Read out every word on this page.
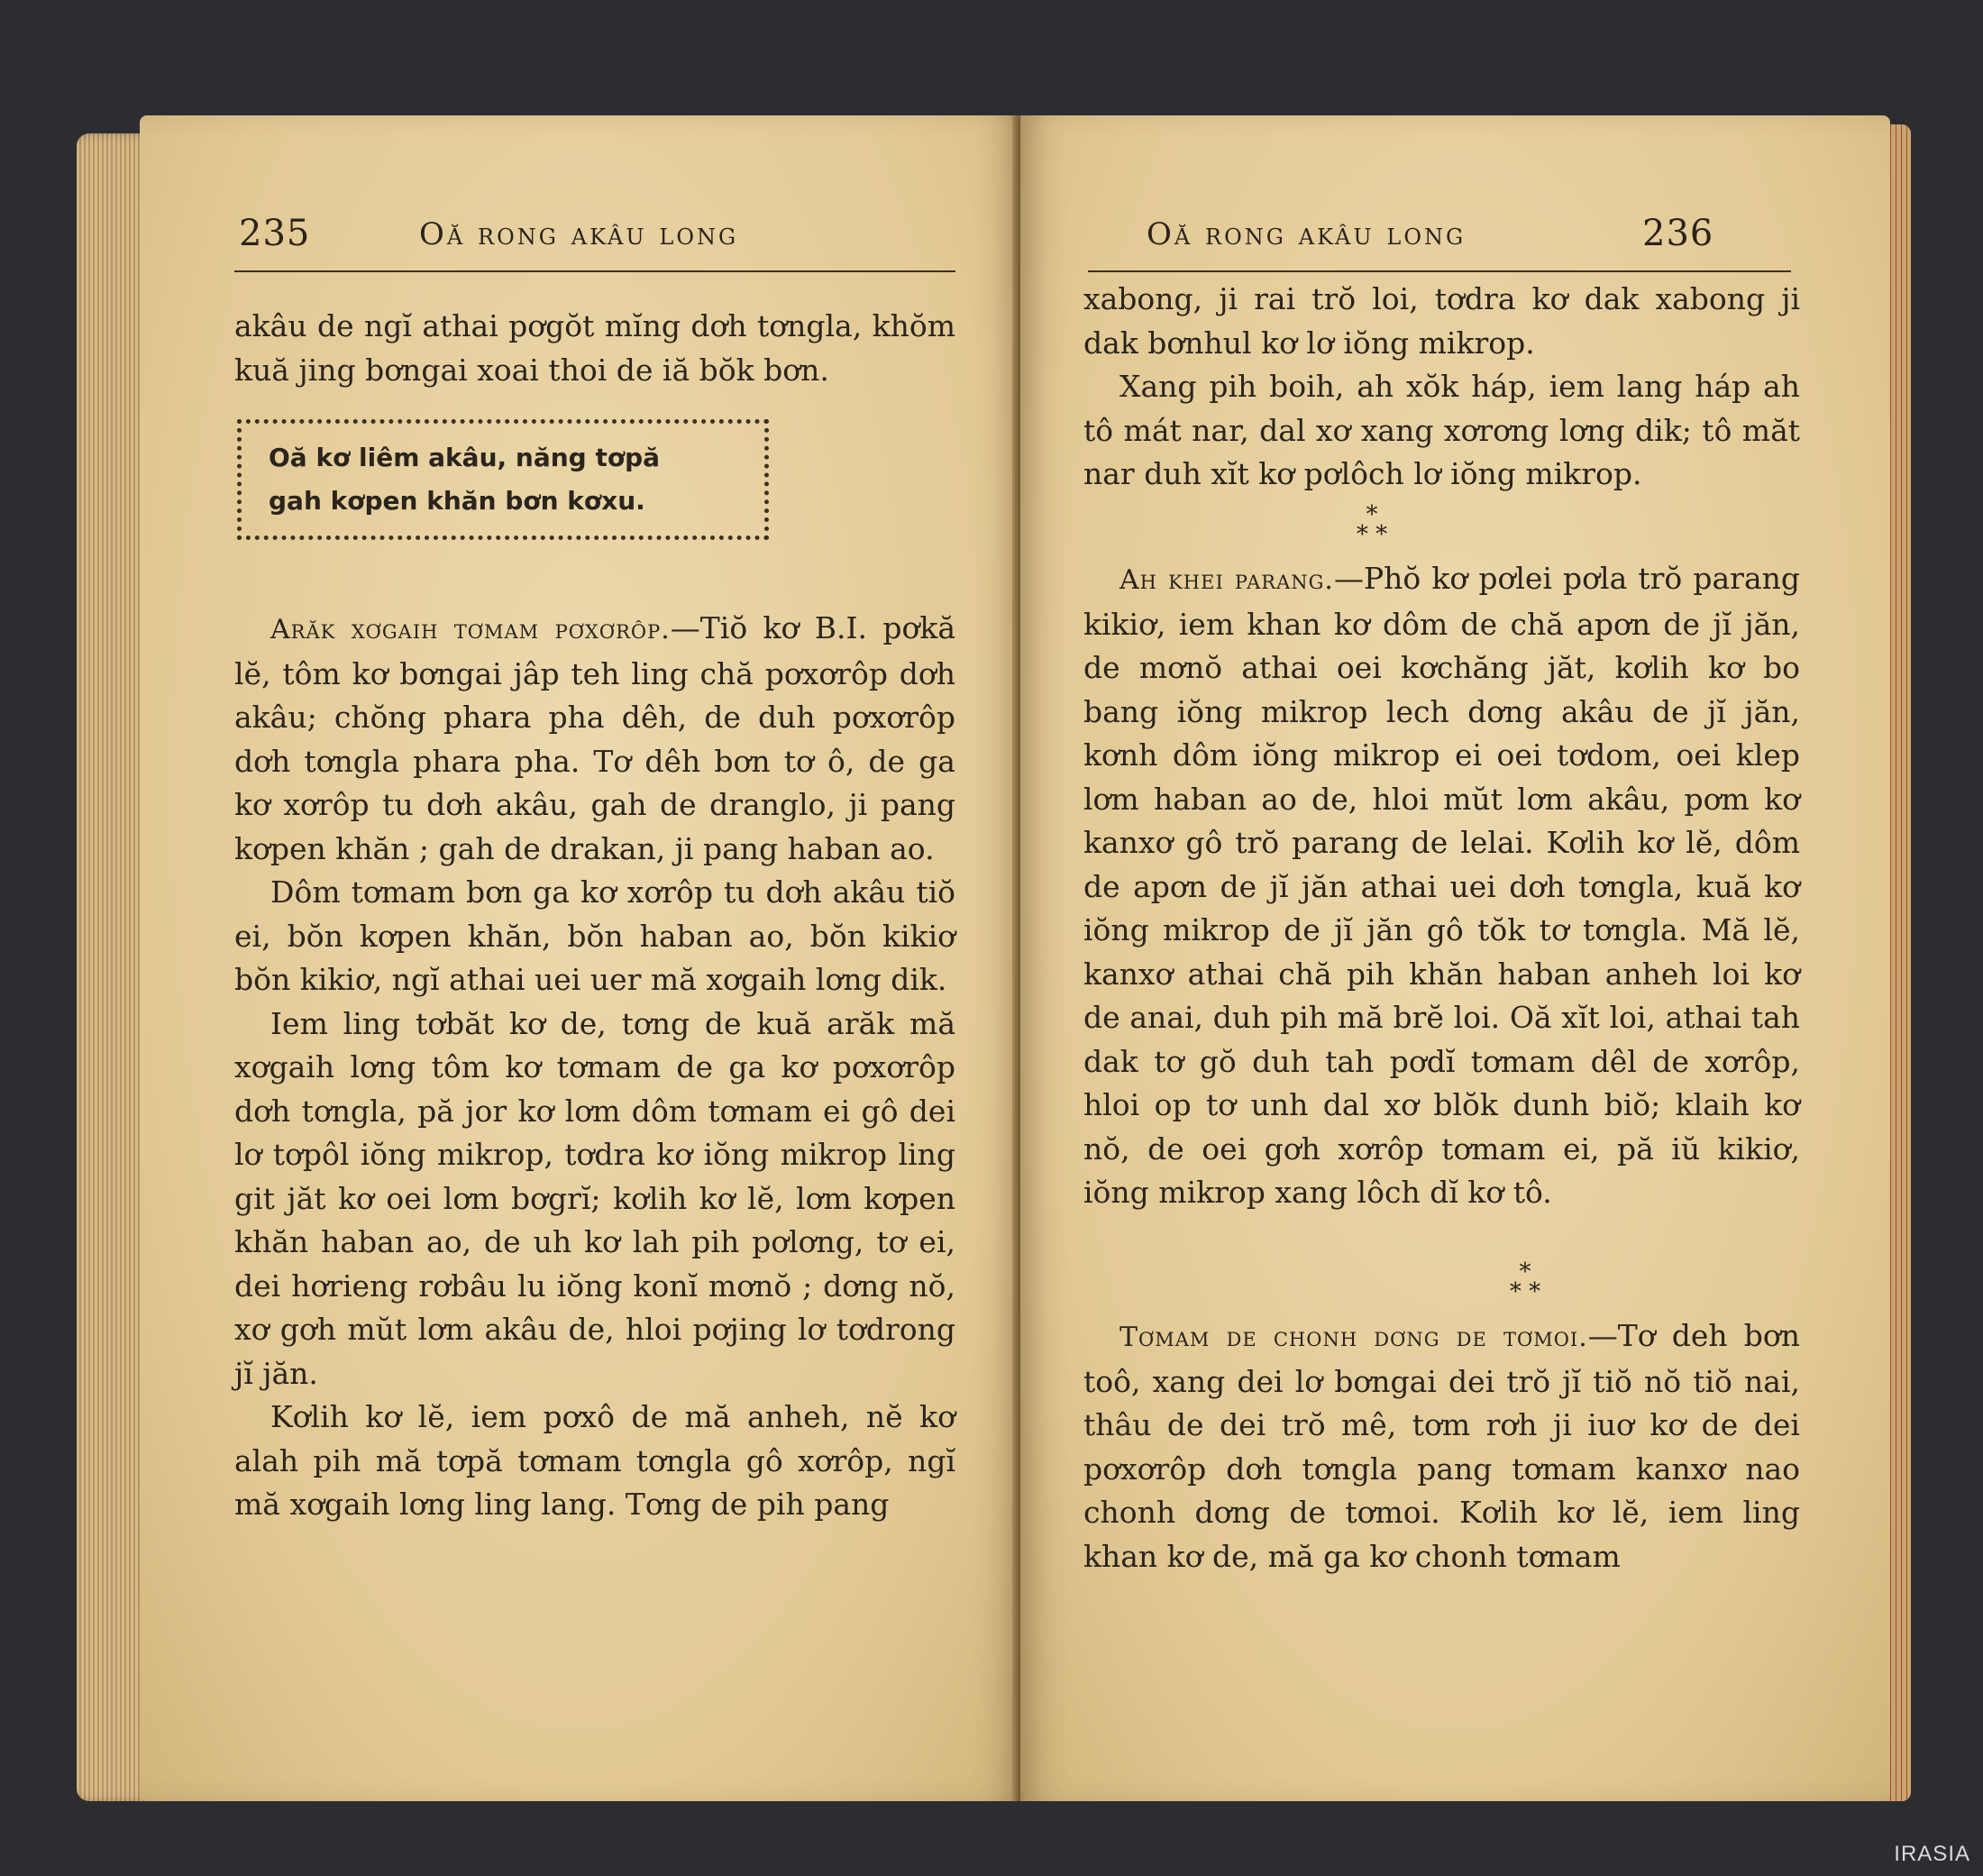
235	Oă rong akâu long

akâu de ngĭ athai pơgŏt mĭng dơh tơngla, khŏm kuă jing bơngai xoai thoi de iă bŏk bơn.

Oă kơ liêm akâu, năng tơpă
gah kơpen khăn bơn kơxu.

Arăk xơgaih tơmam pơxơrôp.—Tiŏ kơ B.I. pơkă lĕ, tôm kơ bơngai jâp teh ling chă pơxơrôp dơh akâu; chŏng phara pha dêh, de duh pơxơrôp dơh tơngla phara pha. Tơ dêh bơn tơ ô, de ga kơ xơrôp tu dơh akâu, gah de dranglo, ji pang kơpen khăn ; gah de drakan, ji pang haban ao.

Dôm tơmam bơn ga kơ xơrôp tu dơh akâu tiŏ ei, bŏn kơpen khăn, bŏn haban ao, bŏn kikiơ bŏn kikiơ, ngĭ athai uei uer mă xơgaih lơng dik.

Iem ling tơbăt kơ de, tơng de kuă arăk mă xơgaih lơng tôm kơ tơmam de ga kơ pơxơrôp dơh tơngla, pă jor kơ lơm dôm tơmam ei gô dei lơ tơpôl iŏng mikrop, tơdra kơ iŏng mikrop ling git jăt kơ oei lơm bơgrĭ; kơlih kơ lĕ, lơm kơpen khăn haban ao, de uh kơ lah pih pơlơng, tơ ei, dei hơrieng rơbâu lu iŏng konĭ mơnŏ ; dơng nŏ, xơ gơh mŭt lơm akâu de, hloi pơjing lơ tơdrong jĭ jăn.

Kơlih kơ lĕ, iem pơxô de mă anheh, nĕ kơ alah pih mă tơpă tơmam tơngla gô xơrôp, ngĭ mă xơgaih lơng ling lang. Tơng de pih pang

Oă rong akâu long	236

xabong, ji rai trŏ loi, tơdra kơ dak xabong ji dak bơnhul kơ lơ iŏng mikrop.

Xang pih boih, ah xŏk háp, iem lang háp ah tô mát nar, dal xơ xang xơrơng lơng dik; tô măt nar duh xĭt kơ pơlôch lơ iŏng mikrop.

*
* *

Ah khei parang.—Phŏ kơ pơlei pơla trŏ parang kikiơ, iem khan kơ dôm de chă apơn de jĭ jăn, de mơnŏ athai oei kơchăng jăt, kơlih kơ bo bang iŏng mikrop lech dơng akâu de jĭ jăn, kơnh dôm iŏng mikrop ei oei tơdom, oei klep lơm haban ao de, hloi mŭt lơm akâu, pơm kơ kanxơ gô trŏ parang de lelai. Kơlih kơ lĕ, dôm de apơn de jĭ jăn athai uei dơh tơngla, kuă kơ iŏng mikrop de jĭ jăn gô tŏk tơ tơngla. Mă lĕ, kanxơ athai chă pih khăn haban anheh loi kơ de anai, duh pih mă brĕ loi. Oă xĭt loi, athai tah dak tơ gŏ duh tah pơdĭ tơmam dêl de xơrôp, hloi op tơ unh dal xơ blŏk dunh biŏ; klaih kơ nŏ, de oei gơh xơrôp tơmam ei, pă iŭ kikiơ, iŏng mikrop xang lôch dĭ kơ tô.

*
* *

Tơmam de chonh dơng de tơmoi.—Tơ deh bơn toô, xang dei lơ bơngai dei trŏ jĭ tiŏ nŏ tiŏ nai, thâu de dei trŏ mê, tơm rơh ji iuơ kơ de dei pơxơrôp dơh tơngla pang tơmam kanxơ nao chonh dơng de tơmoi. Kơlih kơ lĕ, iem ling khan kơ de, mă ga kơ chonh tơmam

IRASIA
